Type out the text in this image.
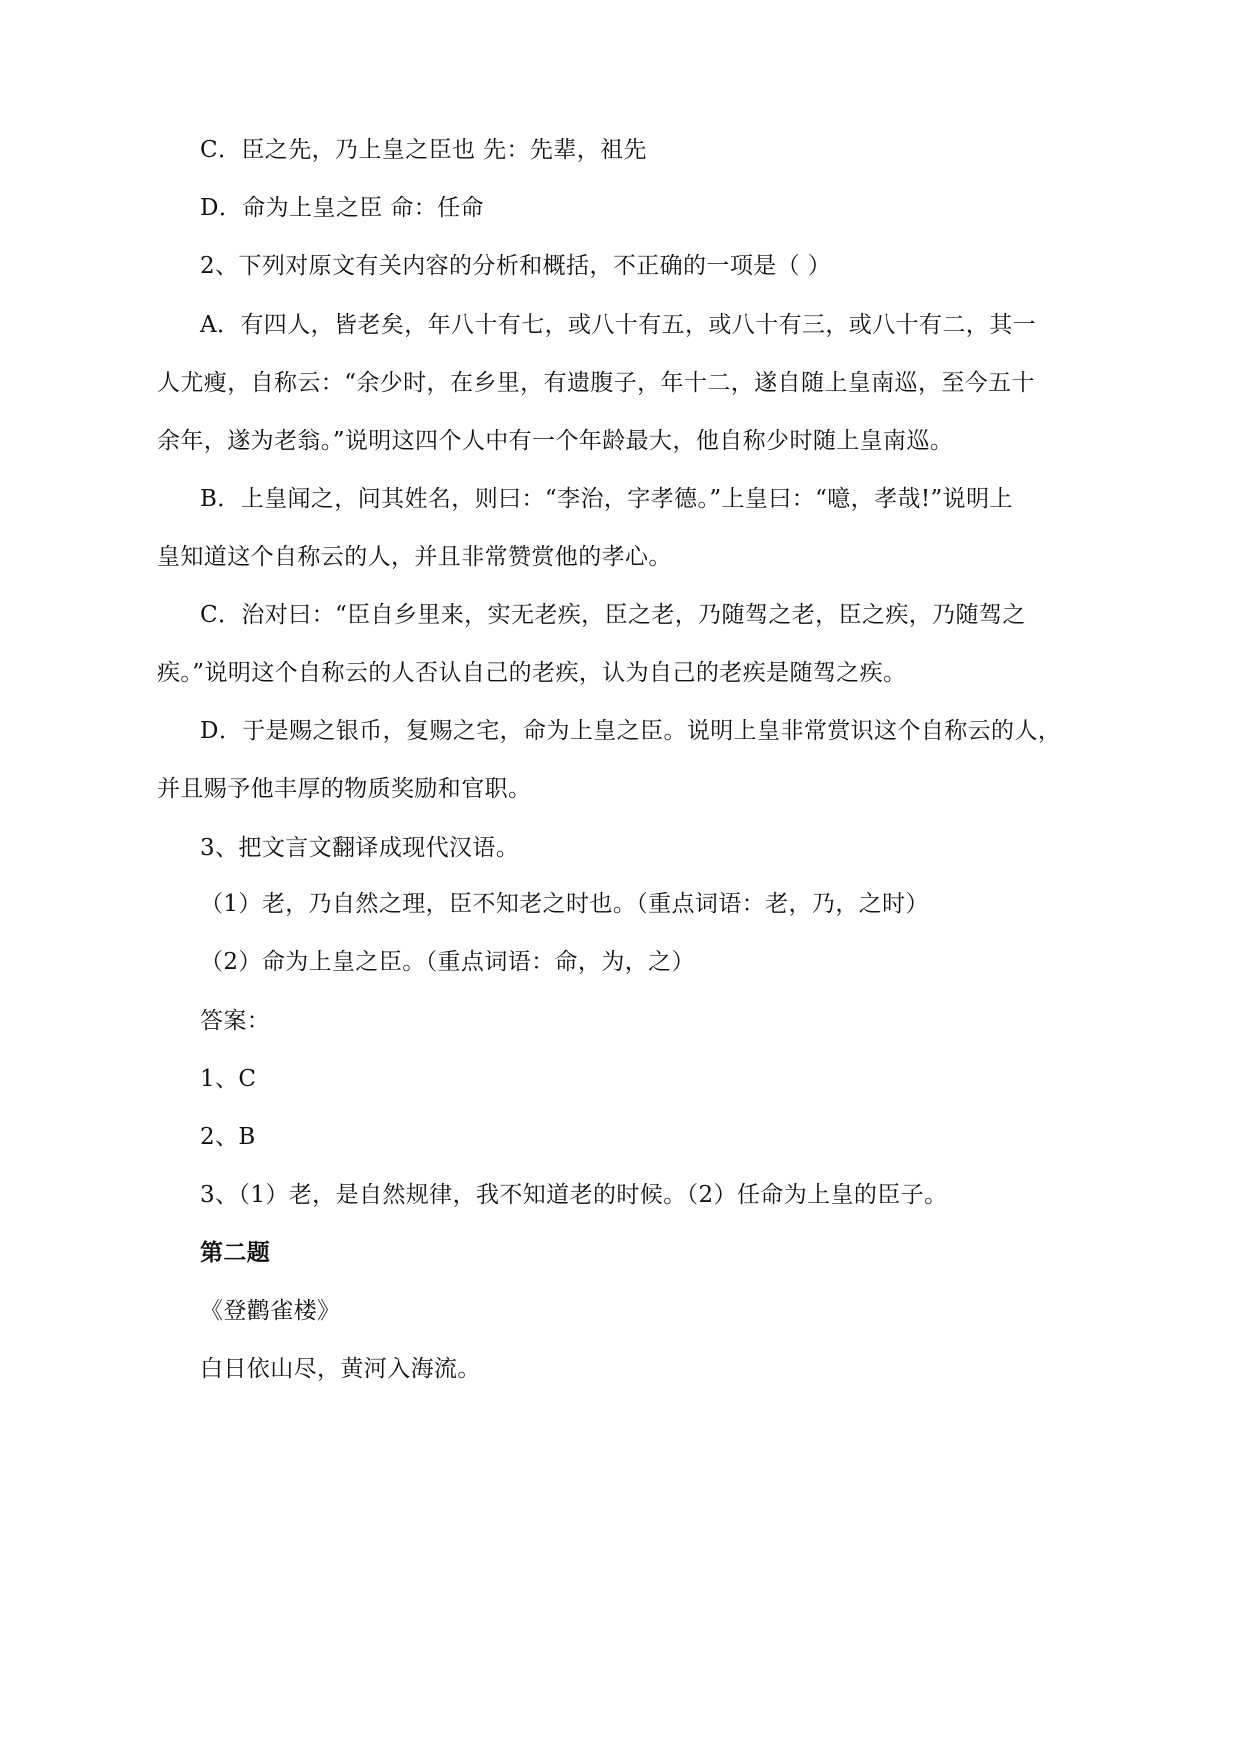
C．臣之先，乃上皇之臣也 先：先辈，祖先
D．命为上皇之臣 命：任命
2、下列对原文有关内容的分析和概括，不正确的一项是（ ）
A．有四人，皆老矣，年八十有七，或八十有五，或八十有三，或八十有二，其一
人尤瘦，自称云：“余少时，在乡里，有遗腹子，年十二，遂自随上皇南巡，至今五十
余年，遂为老翁。”说明这四个人中有一个年龄最大，他自称少时随上皇南巡。
B．上皇闻之，问其姓名，则曰：“李治，字孝德。”上皇曰：“噫，孝哉!”说明上
皇知道这个自称云的人，并且非常赞赏他的孝心。
C．治对曰：“臣自乡里来，实无老疾，臣之老，乃随驾之老，臣之疾，乃随驾之
疾。”说明这个自称云的人否认自己的老疾，认为自己的老疾是随驾之疾。
D．于是赐之银币，复赐之宅，命为上皇之臣。说明上皇非常赏识这个自称云的人，
并且赐予他丰厚的物质奖励和官职。
3、把文言文翻译成现代汉语。
（1）老，乃自然之理，臣不知老之时也。（重点词语：老，乃，之时）
（2）命为上皇之臣。（重点词语：命，为，之）
答案：
1、C
2、B
3、（1）老，是自然规律，我不知道老的时候。（2）任命为上皇的臣子。
第二题
《登鹳雀楼》
白日依山尽，黄河入海流。
